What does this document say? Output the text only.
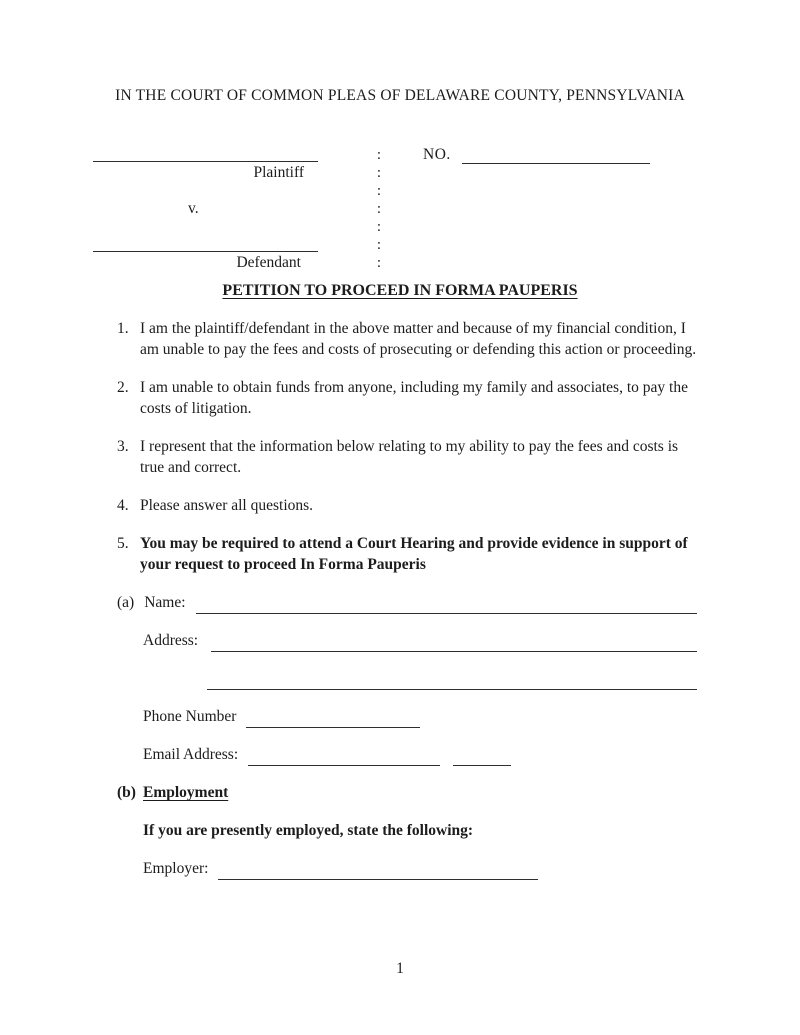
IN THE COURT OF COMMON PLEAS OF DELAWARE COUNTY, PENNSYLVANIA
Plaintiff
v.
Defendant
:
:
:
:
:
:
:
NO.
PETITION TO PROCEED IN FORMA PAUPERIS
1. I am the plaintiff/defendant in the above matter and because of my financial condition, I am unable to pay the fees and costs of prosecuting or defending this action or proceeding.
2. I am unable to obtain funds from anyone, including my family and associates, to pay the costs of litigation.
3. I represent that the information below relating to my ability to pay the fees and costs is true and correct.
4. Please answer all questions.
5. You may be required to attend a Court Hearing and provide evidence in support of your request to proceed In Forma Pauperis
(a) Name:
Address:
Phone Number
Email Address:
(b) Employment
If you are presently employed, state the following:
Employer:
1
